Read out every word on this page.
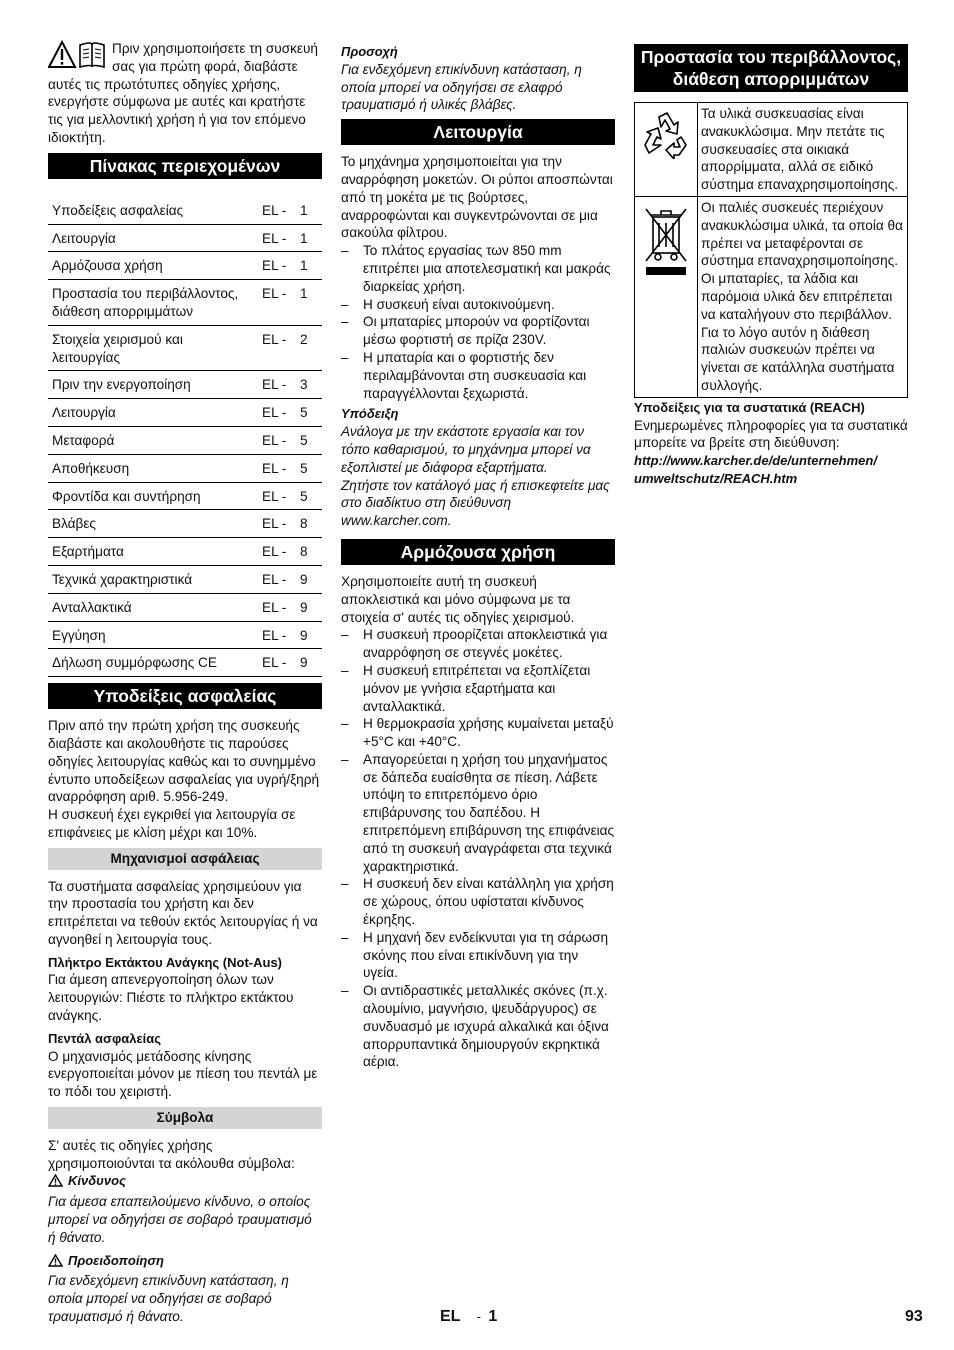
Πριν χρησιμοποιήσετε τη συσκευή σας για πρώτη φορά, διαβάστε αυτές τις πρωτότυπες οδηγίες χρήσης, ενεργήστε σύμφωνα με αυτές και κρατήστε τις για μελλοντική χρήση ή για τον επόμενο ιδιοκτήτη.

Πίνακας περιεχομένων
Υποδείξεις ασφαλείας	EL -	1
Λειτουργία	EL -	1
Αρμόζουσα χρήση	EL -	1
Προστασία του περιβάλλοντος, διάθεση απορριμμάτων	EL -	1
Στοιχεία χειρισμού και λειτουργίας	EL -	2
Πριν την ενεργοποίηση	EL -	3
Λειτουργία	EL -	5
Μεταφορά	EL -	5
Αποθήκευση	EL -	5
Φροντίδα και συντήρηση	EL -	5
Βλάβες	EL -	8
Εξαρτήματα	EL -	8
Τεχνικά χαρακτηριστικά	EL -	9
Ανταλλακτικά	EL -	9
Εγγύηση	EL -	9
Δήλωση συμμόρφωσης CE	EL -	9
Υποδείξεις ασφαλείας

Πριν από την πρώτη χρήση της συσκευής διαβάστε και ακολουθήστε τις παρούσες οδηγίες λειτουργίας καθώς και το συνημμένο έντυπο υποδείξεων ασφαλείας για υγρή/ξηρή αναρρόφηση αριθ. 5.956-249.

Η συσκευή έχει εγκριθεί για λειτουργία σε επιφάνειες με κλίση μέχρι και 10%.

Μηχανισμοί ασφάλειας

Τα συστήματα ασφαλείας χρησιμεύουν για την προστασία του χρήστη και δεν επιτρέπεται να τεθούν εκτός λειτουργίας ή να αγνοηθεί η λειτουργία τους.

Πλήκτρο Εκτάκτου Ανάγκης (Not-Aus)

Για άμεση απενεργοποίηση όλων των λειτουργιών: Πιέστε το πλήκτρο εκτάκτου ανάγκης.

Πεντάλ ασφαλείας

Ο μηχανισμός μετάδοσης κίνησης ενεργοποιείται μόνον με πίεση του πεντάλ με το πόδι του χειριστή.

Σύμβολα

Σ' αυτές τις οδηγίες χρήσης χρησιμοποιούνται τα ακόλουθα σύμβολα:

Κίνδυνος

Για άμεσα επαπειλούμενο κίνδυνο, ο οποίος μπορεί να οδηγήσει σε σοβαρό τραυματισμό ή θάνατο.

Προειδοποίηση

Για ενδεχόμενη επικίνδυνη κατάσταση, η οποία μπορεί να οδηγήσει σε σοβαρό τραυματισμό ή θάνατο.

Προσοχή

Για ενδεχόμενη επικίνδυνη κατάσταση, η οποία μπορεί να οδηγήσει σε ελαφρό τραυματισμό ή υλικές βλάβες.

Λειτουργία

Το μηχάνημα χρησιμοποιείται για την αναρρόφηση μοκετών. Οι ρύποι αποσπώνται από τη μοκέτα με τις βούρτσες, αναρροφώνται και συγκεντρώνονται σε μια σακούλα φίλτρου.

– Το πλάτος εργασίας των 850 mm επιτρέπει μια αποτελεσματική και μακράς διαρκείας χρήση.
– Η συσκευή είναι αυτοκινούμενη.
– Οι μπαταρίες μπορούν να φορτίζονται μέσω φορτιστή σε πρίζα 230V.
– Η μπαταρία και ο φορτιστής δεν περιλαμβάνονται στη συσκευασία και παραγγέλλονται ξεχωριστά.

Υπόδειξη

Ανάλογα με την εκάστοτε εργασία και τον τόπο καθαρισμού, το μηχάνημα μπορεί να εξοπλιστεί με διάφορα εξαρτήματα.

Ζητήστε τον κατάλογό μας ή επισκεφτείτε μας στο διαδίκτυο στη διεύθυνση www.karcher.com.

Αρμόζουσα χρήση

Χρησιμοποιείτε αυτή τη συσκευή αποκλειστικά και μόνο σύμφωνα με τα στοιχεία σ' αυτές τις οδηγίες χειρισμού.

– Η συσκευή προορίζεται αποκλειστικά για αναρρόφηση σε στεγνές μοκέτες.
– Η συσκευή επιτρέπεται να εξοπλίζεται μόνον με γνήσια εξαρτήματα και ανταλλακτικά.
– Η θερμοκρασία χρήσης κυμαίνεται μεταξύ +5°C και +40°C.
– Απαγορεύεται η χρήση του μηχανήματος σε δάπεδα ευαίσθητα σε πίεση. Λάβετε υπόψη το επιτρεπόμενο όριο επιβάρυνσης του δαπέδου. Η επιτρεπόμενη επιβάρυνση της επιφάνειας από τη συσκευή αναγράφεται στα τεχνικά χαρακτηριστικά.
– Η συσκευή δεν είναι κατάλληλη για χρήση σε χώρους, όπου υφίσταται κίνδυνος έκρηξης.
– Η μηχανή δεν ενδείκνυται για τη σάρωση σκόνης που είναι επικίνδυνη για την υγεία.
– Οι αντιδραστικές μεταλλικές σκόνες (π.χ. αλουμίνιο, μαγνήσιο, ψευδάργυρος) σε συνδυασμό με ισχυρά αλκαλικά και όξινα απορρυπαντικά δημιουργούν εκρηκτικά αέρια.
Προστασία του περιβάλλοντος, διάθεση απορριμμάτων
	Τα υλικά συσκευασίας είναι ανακυκλώσιμα. Μην πετάτε τις συσκευασίες στα οικιακά απορρίμματα, αλλά σε ειδικό σύστημα επαναχρησιμοποίησης.
	Οι παλιές συσκευές περιέχουν ανακυκλώσιμα υλικά, τα οποία θα πρέπει να μεταφέρονται σε σύστημα επαναχρησιμοποίησης. Οι μπαταρίες, τα λάδια και παρόμοια υλικά δεν επιτρέπεται να καταλήγουν στο περιβάλλον. Για το λόγο αυτόν η διάθεση παλιών συσκευών πρέπει να γίνεται σε κατάλληλα συστήματα συλλογής.

Υποδείξεις για τα συστατικά (REACH)

Ενημερωμένες πληροφορίες για τα συστατικά μπορείτε να βρείτε στη διεύθυνση:

http://www.karcher.de/de/unternehmen/

umweltschutz/REACH.htm

EL - 1	93
